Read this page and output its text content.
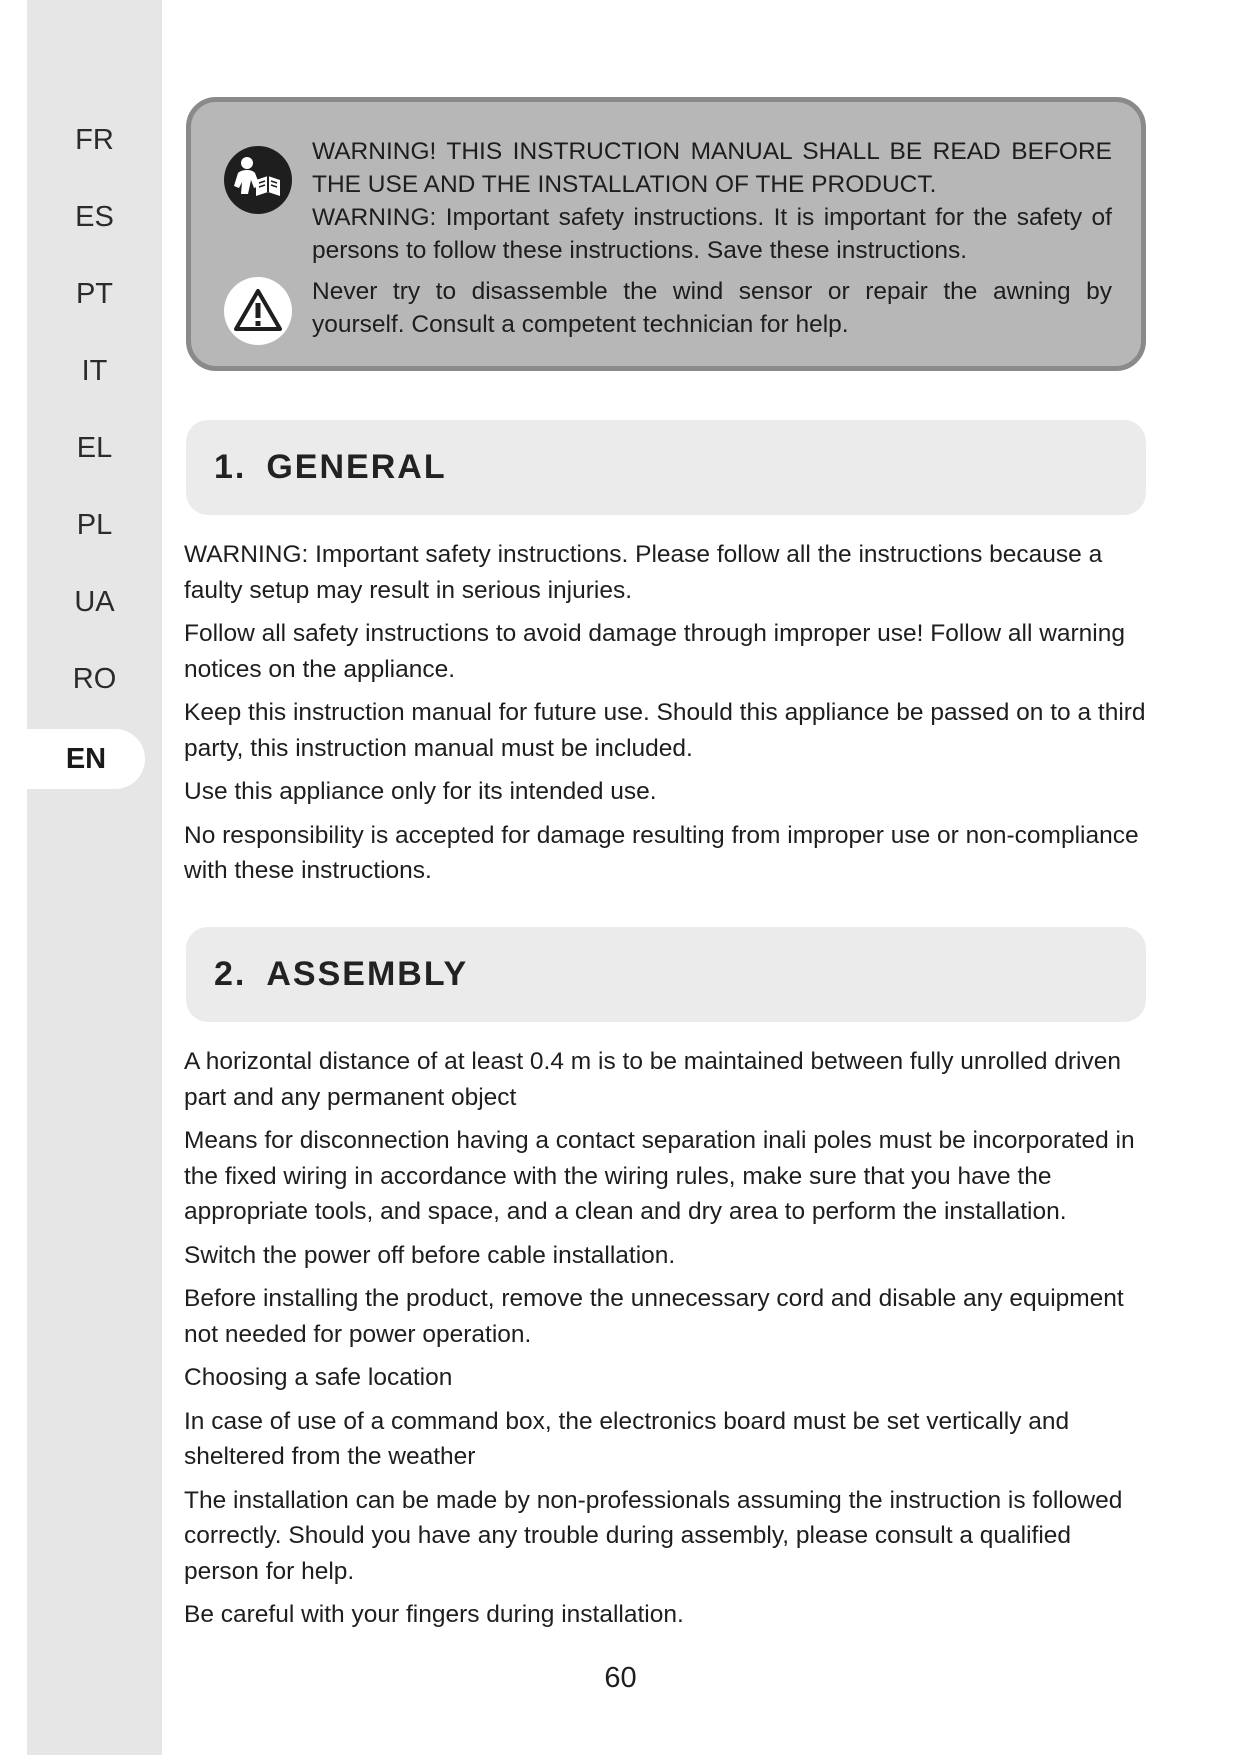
FR
ES
PT
IT
EL
PL
UA
RO
EN

WARNING! THIS INSTRUCTION MANUAL SHALL BE READ BEFORE THE USE AND THE INSTALLATION OF THE PRODUCT.

WARNING: Important safety instructions. It is important for the safety of persons to follow these instructions. Save these instructions.

Never try to disassemble the wind sensor or repair the awning by yourself. Consult a competent technician for help.

1. GENERAL

WARNING: Important safety instructions. Please follow all the instructions because a faulty setup may result in serious injuries.

Follow all safety instructions to avoid damage through improper use! Follow all warning notices on the appliance.

Keep this instruction manual for future use. Should this appliance be passed on to a third party, this instruction manual must be included.

Use this appliance only for its intended use.

No responsibility is accepted for damage resulting from improper use or non-compliance with these instructions.

2. ASSEMBLY

A horizontal distance of at least 0.4 m is to be maintained between fully unrolled driven part and any permanent object

Means for disconnection having a contact separation inali poles must be incorporated in the fixed wiring in accordance with the wiring rules, make sure that you have the appropriate tools, and space, and a clean and dry area to perform the installation.

Switch the power off before cable installation.

Before installing the product, remove the unnecessary cord and disable any equipment not needed for power operation.

Choosing a safe location

In case of use of a command box, the electronics board must be set vertically and sheltered from the weather

The installation can be made by non-professionals assuming the instruction is followed correctly. Should you have any trouble during assembly, please consult a qualified person for help.

Be careful with your fingers during installation.

60
